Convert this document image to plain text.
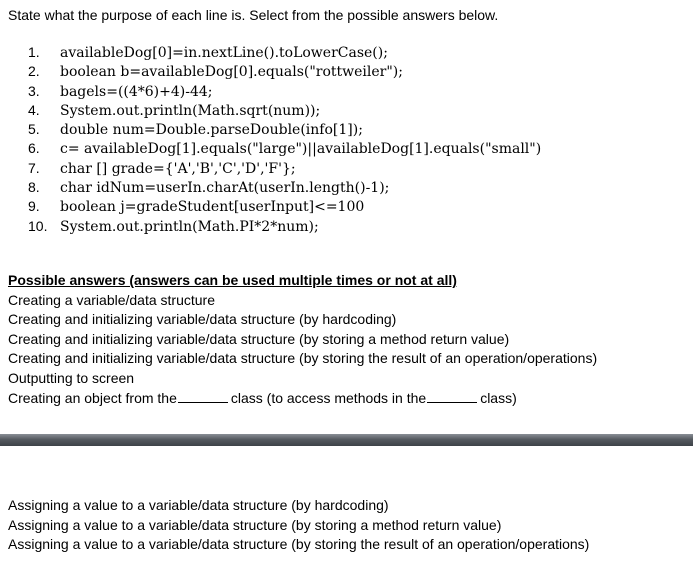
State what the purpose of each line is. Select from the possible answers below.
1. availableDog[0]=in.nextLine().toLowerCase();
2. boolean b=availableDog[0].equals("rottweiler");
3. bagels=((4*6)+4)-44;
4. System.out.println(Math.sqrt(num));
5. double num=Double.parseDouble(info[1]);
6. c= availableDog[1].equals("large")||availableDog[1].equals("small")
7. char [] grade={'A','B','C','D','F'};
8. char idNum=userIn.charAt(userIn.length()-1);
9. boolean j=gradeStudent[userInput]<=100
10. System.out.println(Math.PI*2*num);
Possible answers (answers can be used multiple times or not at all)
Creating a variable/data structure
Creating and initializing variable/data structure (by hardcoding)
Creating and initializing variable/data structure (by storing a method return value)
Creating and initializing variable/data structure (by storing the result of an operation/operations)
Outputting to screen
Creating an object from the	class (to access methods in the	class)
Assigning a value to a variable/data structure (by hardcoding)
Assigning a value to a variable/data structure (by storing a method return value)
Assigning a value to a variable/data structure (by storing the result of an operation/operations)
